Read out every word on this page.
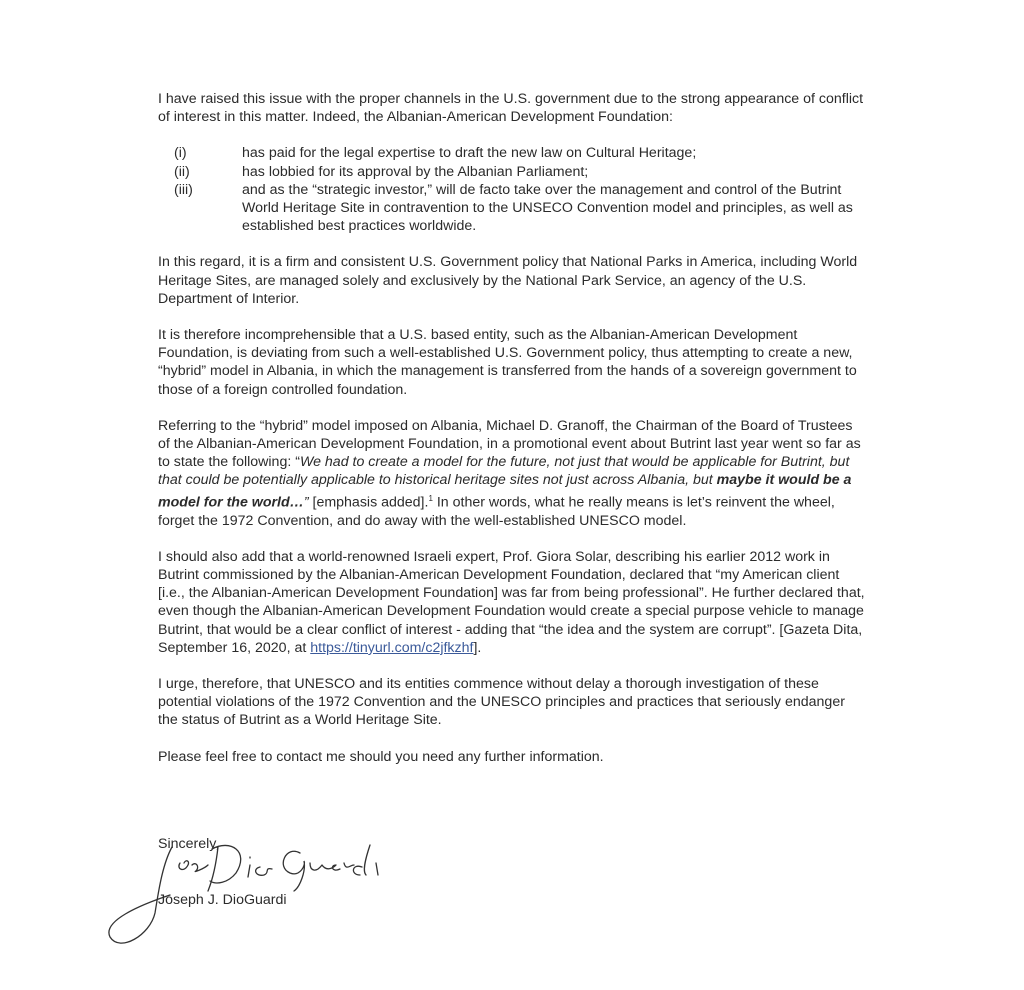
I have raised this issue with the proper channels in the U.S. government due to the strong appearance of conflict of interest in this matter. Indeed, the Albanian-American Development Foundation:

(i)	has paid for the legal expertise to draft the new law on Cultural Heritage;
(ii)	has lobbied for its approval by the Albanian Parliament;
(iii)	and as the “strategic investor,” will de facto take over the management and control of the Butrint World Heritage Site in contravention to the UNSECO Convention model and principles, as well as established best practices worldwide.

In this regard, it is a firm and consistent U.S. Government policy that National Parks in America, including World Heritage Sites, are managed solely and exclusively by the National Park Service, an agency of the U.S. Department of Interior.

It is therefore incomprehensible that a U.S. based entity, such as the Albanian-American Development Foundation, is deviating from such a well-established U.S. Government policy, thus attempting to create a new, “hybrid” model in Albania, in which the management is transferred from the hands of a sovereign government to those of a foreign controlled foundation.

Referring to the “hybrid” model imposed on Albania, Michael D. Granoff, the Chairman of the Board of Trustees of the Albanian-American Development Foundation, in a promotional event about Butrint last year went so far as to state the following: “We had to create a model for the future, not just that would be applicable for Butrint, but that could be potentially applicable to historical heritage sites not just across Albania, but maybe it would be a model for the world…” [emphasis added].$^1$ In other words, what he really means is let’s reinvent the wheel, forget the 1972 Convention, and do away with the well-established UNESCO model.

I should also add that a world-renowned Israeli expert, Prof. Giora Solar, describing his earlier 2012 work in Butrint commissioned by the Albanian-American Development Foundation, declared that “my American client [i.e., the Albanian-American Development Foundation] was far from being professional”. He further declared that, even though the Albanian-American Development Foundation would create a special purpose vehicle to manage Butrint, that would be a clear conflict of interest - adding that “the idea and the system are corrupt”. [Gazeta Dita, September 16, 2020, at https://tinyurl.com/c2jfkzhf].

I urge, therefore, that UNESCO and its entities commence without delay a thorough investigation of these potential violations of the 1972 Convention and the UNESCO principles and practices that seriously endanger the status of Butrint as a World Heritage Site.

Please feel free to contact me should you need any further information.

Sincerely,
Joseph J. DioGuardi
